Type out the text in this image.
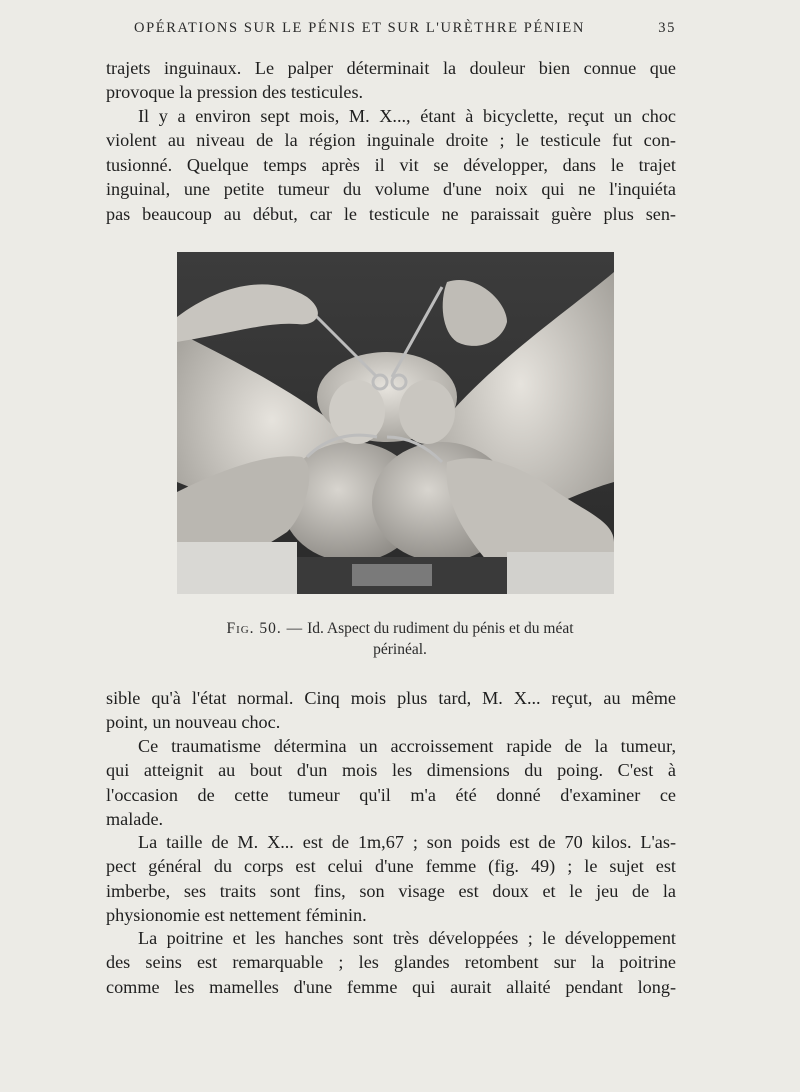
OPÉRATIONS SUR LE PÉNIS ET SUR L'URÈTHRE PÉNIEN	35

trajets inguinaux. Le palper déterminait la douleur bien connue que
provoque la pression des testicules.

Il y a environ sept mois, M. X..., étant à bicyclette, reçut un choc
violent au niveau de la région inguinale droite ; le testicule fut con-
tusionné. Quelque temps après il vit se développer, dans le trajet
inguinal, une petite tumeur du volume d'une noix qui ne l'inquiéta
pas beaucoup au début, car le testicule ne paraissait guère plus sen-

Fig. 50. — Id. Aspect du rudiment du pénis et du méat
périnéal.

sible qu'à l'état normal. Cinq mois plus tard, M. X... reçut, au même
point, un nouveau choc.

Ce traumatisme détermina un accroissement rapide de la tumeur,
qui atteignit au bout d'un mois les dimensions du poing. C'est à
l'occasion de cette tumeur qu'il m'a été donné d'examiner ce
malade.

La taille de M. X... est de 1m,67 ; son poids est de 70 kilos. L'as-
pect général du corps est celui d'une femme (fig. 49) ; le sujet est
imberbe, ses traits sont fins, son visage est doux et le jeu de la
physionomie est nettement féminin.

La poitrine et les hanches sont très développées ; le développement
des seins est remarquable ; les glandes retombent sur la poitrine
comme les mamelles d'une femme qui aurait allaité pendant long-
